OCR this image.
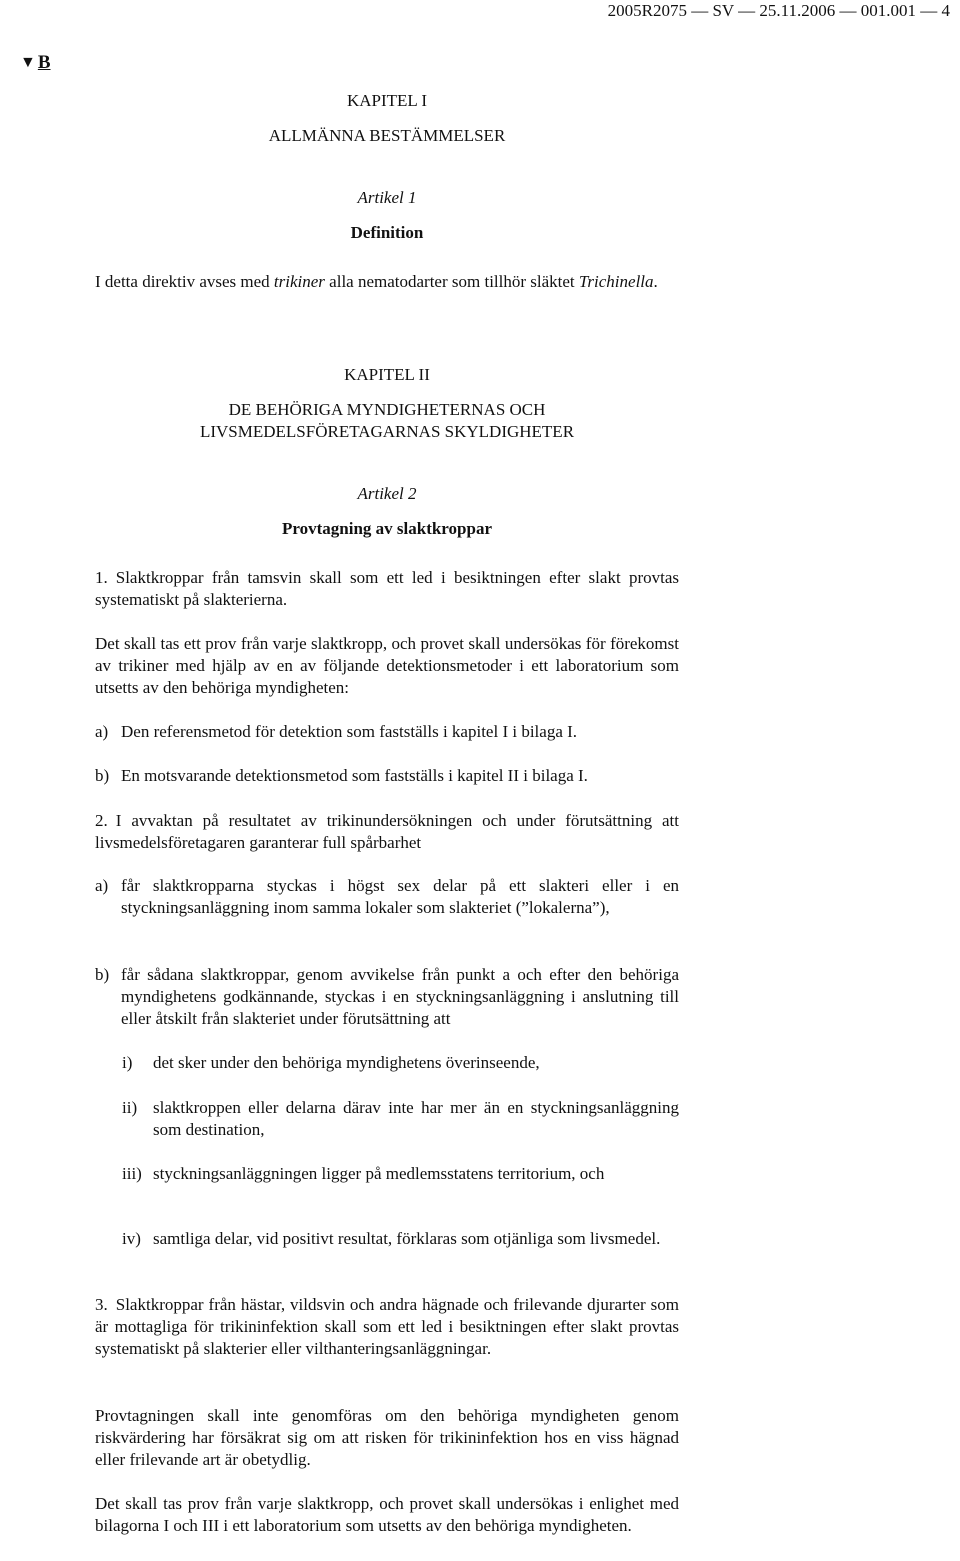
2005R2075 — SV — 25.11.2006 — 001.001 — 4
▼ B
KAPITEL I
ALLMÄNNA BESTÄMMELSER
Artikel 1
Definition
I detta direktiv avses med trikiner alla nematodarter som tillhör släktet Trichinella.
KAPITEL II
DE BEHÖRIGA MYNDIGHETERNAS OCH
LIVSMEDELSFÖRETAGARNAS SKYLDIGHETER
Artikel 2
Provtagning av slaktkroppar
1. Slaktkroppar från tamsvin skall som ett led i besiktningen efter slakt provtas systematiskt på slakterierna.
Det skall tas ett prov från varje slaktkropp, och provet skall undersökas för förekomst av trikiner med hjälp av en av följande detektionsmetoder i ett laboratorium som utsetts av den behöriga myndigheten:
a) Den referensmetod för detektion som fastställs i kapitel I i bilaga I.
b) En motsvarande detektionsmetod som fastställs i kapitel II i bilaga I.
2. I avvaktan på resultatet av trikinundersökningen och under förutsättning att livsmedelsföretagaren garanterar full spårbarhet
a) får slaktkropparna styckas i högst sex delar på ett slakteri eller i en styckningsanläggning inom samma lokaler som slakteriet (”lokalerna”),
b) får sådana slaktkroppar, genom avvikelse från punkt a och efter den behöriga myndighetens godkännande, styckas i en styckningsanläggning i anslutning till eller åtskilt från slakteriet under förutsättning att
i) det sker under den behöriga myndighetens överinseende,
ii) slaktkroppen eller delarna därav inte har mer än en styckningsanläggning som destination,
iii) styckningsanläggningen ligger på medlemsstatens territorium, och
iv) samtliga delar, vid positivt resultat, förklaras som otjänliga som livsmedel.
3. Slaktkroppar från hästar, vildsvin och andra hägnade och frilevande djurarter som är mottagliga för trikininfektion skall som ett led i besiktningen efter slakt provtas systematiskt på slakterier eller vilthanteringsanläggningar.
Provtagningen skall inte genomföras om den behöriga myndigheten genom riskvärdering har försäkrat sig om att risken för trikininfektion hos en viss hägnad eller frilevande art är obetydlig.
Det skall tas prov från varje slaktkropp, och provet skall undersökas i enlighet med bilagorna I och III i ett laboratorium som utsetts av den behöriga myndigheten.
